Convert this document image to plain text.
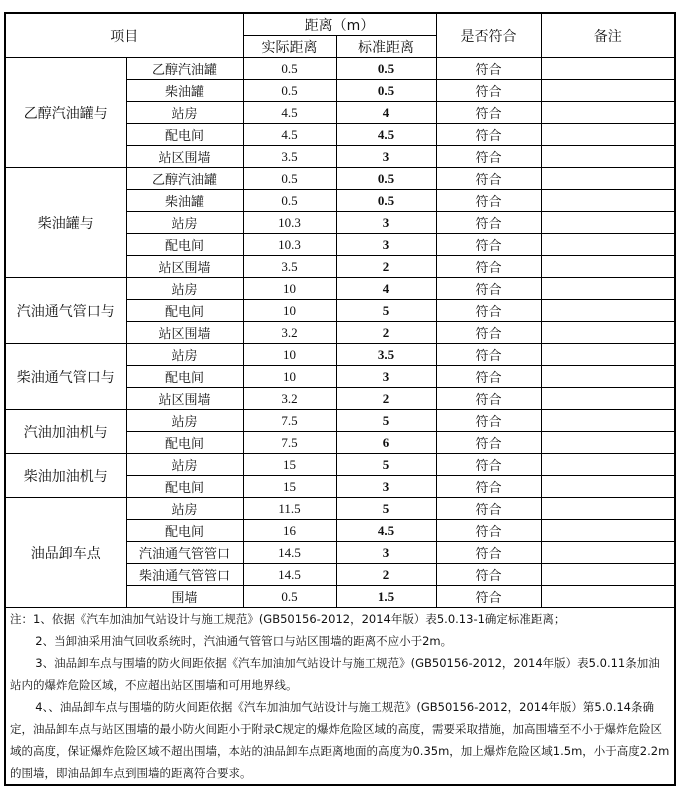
项目		距离（m）		是否符合	备注
		实际距离	标准距离		
乙醇汽油罐与	乙醇汽油罐	0.5	0.5	符合	
	柴油罐	0.5	0.5	符合	
	站房	4.5	4	符合	
	配电间	4.5	4.5	符合	
	站区围墙	3.5	3	符合	
柴油罐与	乙醇汽油罐	0.5	0.5	符合	
	柴油罐	0.5	0.5	符合	
	站房	10.3	3	符合	
	配电间	10.3	3	符合	
	站区围墙	3.5	2	符合	
汽油通气管口与	站房	10	4	符合	
	配电间	10	5	符合	
	站区围墙	3.2	2	符合	
柴油通气管口与	站房	10	3.5	符合	
	配电间	10	3	符合	
	站区围墙	3.2	2	符合	
汽油加油机与	站房	7.5	5	符合	
	配电间	7.5	6	符合	
柴油加油机与	站房	15	5	符合	
	配电间	15	3	符合	
油品卸车点	站房	11.5	5	符合	
	配电间	16	4.5	符合	
	汽油通气管管口	14.5	3	符合	
	柴油通气管管口	14.5	2	符合	
	围墙	0.5	1.5	符合	
注：1、依据《汽车加油加气站设计与施工规范》(GB50156-2012，2014年版）表5.0.13-1确定标准距离；
2、当卸油采用油气回收系统时，汽油通气管管口与站区围墙的距离不应小于2m。
3、油品卸车点与围墙的防火间距依据《汽车加油加气站设计与施工规范》(GB50156-2012，2014年版）表5.0.11条加油站内的爆炸危险区域，不应超出站区围墙和可用地界线。
4、、油品卸车点与围墙的防火间距依据《汽车加油加气站设计与施工规范》(GB50156-2012，2014年版）第5.0.14条确定，油品卸车点与站区围墙的最小防火间距小于附录C规定的爆炸危险区域的高度，需要采取措施，加高围墙至不小于爆炸危险区域的高度，保证爆炸危险区域不超出围墙，本站的油品卸车点距离地面的高度为0.35m，加上爆炸危险区域1.5m，小于高度2.2m的围墙，即油品卸车点到围墙的距离符合要求。					
